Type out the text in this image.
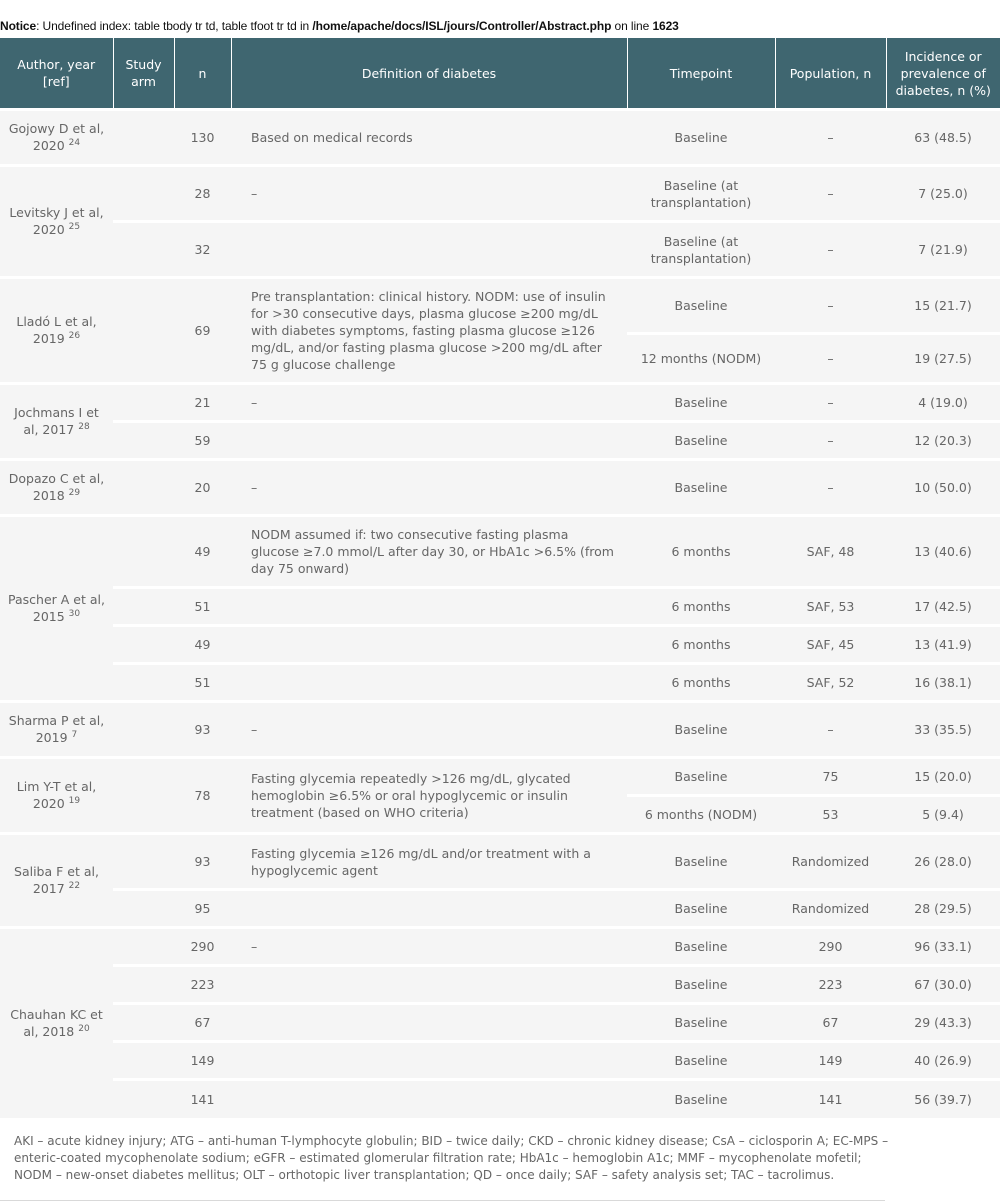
Notice: Undefined index: table tbody tr td, table tfoot tr td in /home/apache/docs/ISL/jours/Controller/Abstract.php on line 1623
Author, year [ref]	Study arm	n	Definition of diabetes	Timepoint	Population, n	Incidence or prevalence of diabetes, n (%)
Gojowy D et al, 2020 $^{24}$		130	Based on medical records	Baseline	–	63 (48.5)
Levitsky J et al, 2020 $^{25}$		28	–	Baseline (at transplantation)	–	7 (25.0)
		32		Baseline (at transplantation)	–	7 (21.9)
Lladó L et al, 2019 $^{26}$		69	Pre transplantation: clinical history. NODM: use of insulin for >30 consecutive days, plasma glucose ≥200 mg/dL with diabetes symptoms, fasting plasma glucose ≥126 mg/dL, and/or fasting plasma glucose >200 mg/dL after 75 g glucose challenge	Baseline	–	15 (21.7)
				12 months (NODM)	–	19 (27.5)
Jochmans I et al, 2017 $^{28}$		21	–	Baseline	–	4 (19.0)
		59		Baseline	–	12 (20.3)
Dopazo C et al, 2018 $^{29}$		20	–	Baseline	–	10 (50.0)
Pascher A et al, 2015 $^{30}$		49	NODM assumed if: two consecutive fasting plasma glucose ≥7.0 mmol/L after day 30, or HbA1c >6.5% (from day 75 onward)	6 months	SAF, 48	13 (40.6)
		51		6 months	SAF, 53	17 (42.5)
		49		6 months	SAF, 45	13 (41.9)
		51		6 months	SAF, 52	16 (38.1)
Sharma P et al, 2019 $^7$		93	–	Baseline	–	33 (35.5)
Lim Y-T et al, 2020 $^{19}$		78	Fasting glycemia repeatedly >126 mg/dL, glycated hemoglobin ≥6.5% or oral hypoglycemic or insulin treatment (based on WHO criteria)	Baseline	75	15 (20.0)
				6 months (NODM)	53	5 (9.4)
Saliba F et al, 2017 $^{22}$		93	Fasting glycemia ≥126 mg/dL and/or treatment with a hypoglycemic agent	Baseline	Randomized	26 (28.0)
		95		Baseline	Randomized	28 (29.5)
Chauhan KC et al, 2018 $^{20}$		290	–	Baseline	290	96 (33.1)
		223		Baseline	223	67 (30.0)
		67		Baseline	67	29 (43.3)
		149		Baseline	149	40 (26.9)
		141		Baseline	141	56 (39.7)
AKI – acute kidney injury; ATG – anti-human T-lymphocyte globulin; BID – twice daily; CKD – chronic kidney disease; CsA – ciclosporin A; EC-MPS – enteric-coated mycophenolate sodium; eGFR – estimated glomerular filtration rate; HbA1c – hemoglobin A1c; MMF – mycophenolate mofetil; NODM – new-onset diabetes mellitus; OLT – orthotopic liver transplantation; QD – once daily; SAF – safety analysis set; TAC – tacrolimus.
